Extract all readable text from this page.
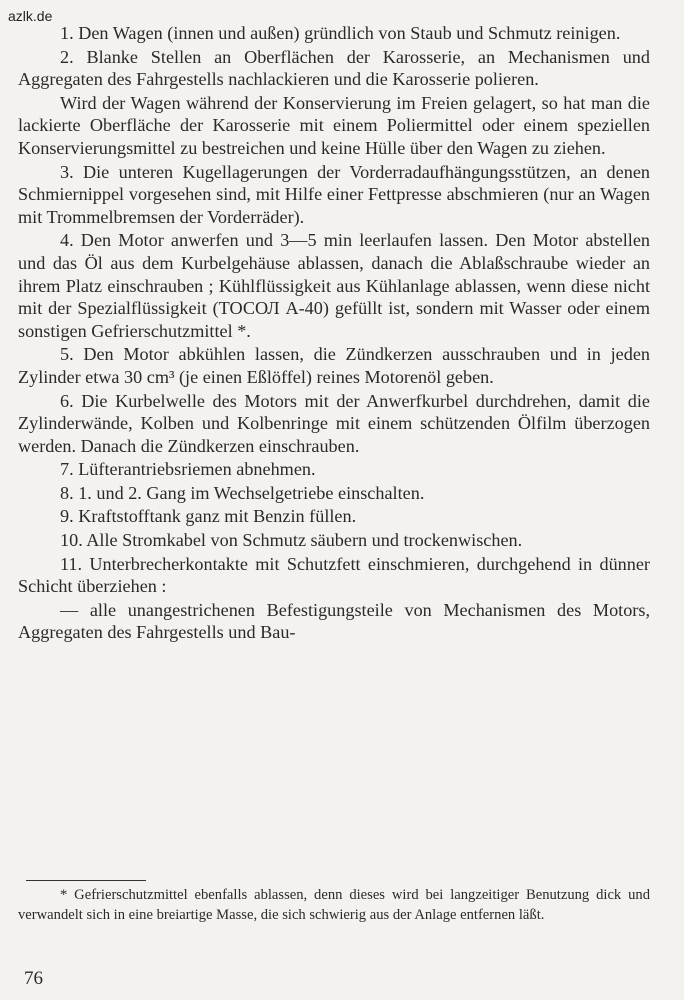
azlk.de

1. Den Wagen (innen und außen) gründlich von Staub und Schmutz reinigen.

2. Blanke Stellen an Oberflächen der Karosserie, an Mechanismen und Aggregaten des Fahrgestells nachlackieren und die Karosserie polieren.

Wird der Wagen während der Konservierung im Freien gelagert, so hat man die lackierte Oberfläche der Karosserie mit einem Poliermittel oder einem speziellen Konservierungsmittel zu bestreichen und keine Hülle über den Wagen zu ziehen.

3. Die unteren Kugellagerungen der Vorderradaufhängungsstützen, an denen Schmiernippel vorgesehen sind, mit Hilfe einer Fettpresse abschmieren (nur an Wagen mit Trommelbremsen der Vorderräder).

4. Den Motor anwerfen und 3—5 min leerlaufen lassen. Den Motor abstellen und das Öl aus dem Kurbelgehäuse ablassen, danach die Ablaßschraube wieder an ihrem Platz einschrauben ; Kühlflüssigkeit aus Kühlanlage ablassen, wenn diese nicht mit der Spezialflüssigkeit (ТОСОЛ А-40) gefüllt ist, sondern mit Wasser oder einem sonstigen Gefrierschutzmittel *.

5. Den Motor abkühlen lassen, die Zündkerzen ausschrauben und in jeden Zylinder etwa 30 cm³ (je einen Eßlöffel) reines Motorenöl geben.

6. Die Kurbelwelle des Motors mit der Anwerfkurbel durchdrehen, damit die Zylinderwände, Kolben und Kolbenringe mit einem schützenden Ölfilm überzogen werden. Danach die Zündkerzen einschrauben.

7. Lüfterantriebsriemen abnehmen.

8. 1. und 2. Gang im Wechselgetriebe einschalten.

9. Kraftstofftank ganz mit Benzin füllen.

10. Alle Stromkabel von Schmutz säubern und trockenwischen.

11. Unterbrecherkontakte mit Schutzfett einschmieren, durchgehend in dünner Schicht überziehen :

— alle unangestrichenen Befestigungsteile von Mechanismen des Motors, Aggregaten des Fahrgestells und Bau-

* Gefrierschutzmittel ebenfalls ablassen, denn dieses wird bei langzeitiger Benutzung dick und verwandelt sich in eine breiartige Masse, die sich schwierig aus der Anlage entfernen läßt.

76
